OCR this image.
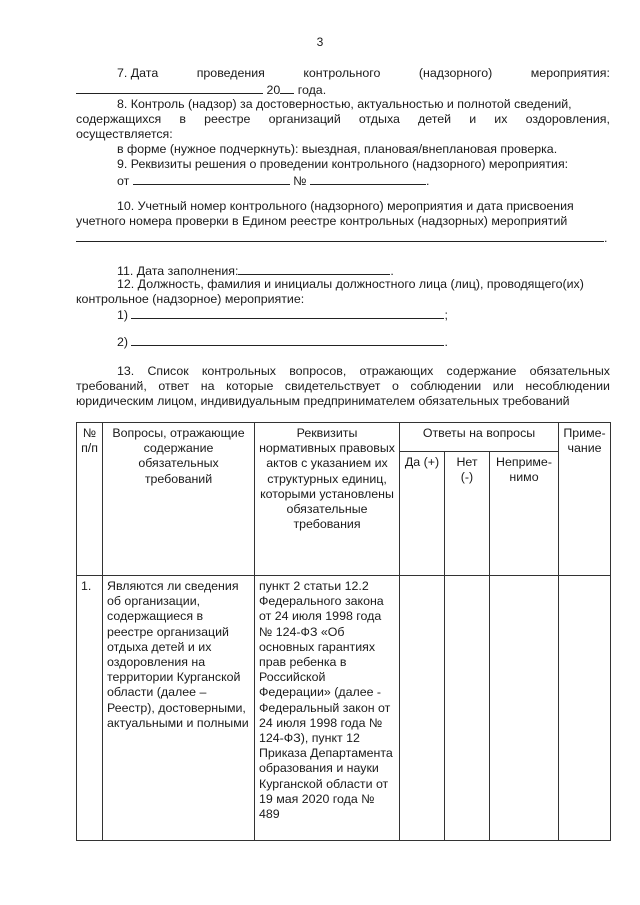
3
7. Дата	проведения	контрольного	(надзорного)	мероприятия:
20 года.
8. Контроль (надзор) за достоверностью, актуальностью и полнотой сведений,
содержащихся в реестре организаций отдыха детей и их оздоровления,
осуществляется:
в форме (нужное подчеркнуть): выездная, плановая/внеплановая проверка.
9. Реквизиты решения о проведении контрольного (надзорного) мероприятия:
от	№	.
10. Учетный номер контрольного (надзорного) мероприятия и дата присвоения
учетного номера проверки в Едином реестре контрольных (надзорных) мероприятий
.
11. Дата заполнения:	.
12. Должность, фамилия и инициалы должностного лица (лиц), проводящего(их)
контрольное (надзорное) мероприятие:
1)	;
2)	.
13. Список контрольных вопросов, отражающих содержание обязательных
требований, ответ на которые свидетельствует о соблюдении или несоблюдении
юридическим лицом, индивидуальным предпринимателем обязательных требований
№ п/п	Вопросы, отражающие содержание обязательных требований	Реквизиты нормативных правовых актов с указанием их структурных единиц, которыми установлены обязательные требования	Ответы на вопросы			Приме-чание
			Да (+)	Нет (-)	Неприме-нимо	
1.	Являются ли сведения об организации, содержащиеся в реестре организаций отдыха детей и их оздоровления на территории Курганской области (далее – Реестр), достоверными, актуальными и полными	пункт 2 статьи 12.2 Федерального закона от 24 июля 1998 года № 124-ФЗ «Об основных гарантиях прав ребенка в Российской Федерации» (далее - Федеральный закон от 24 июля 1998 года № 124-ФЗ), пункт 12 Приказа Департамента образования и науки Курганской области от 19 мая 2020 года № 489				
